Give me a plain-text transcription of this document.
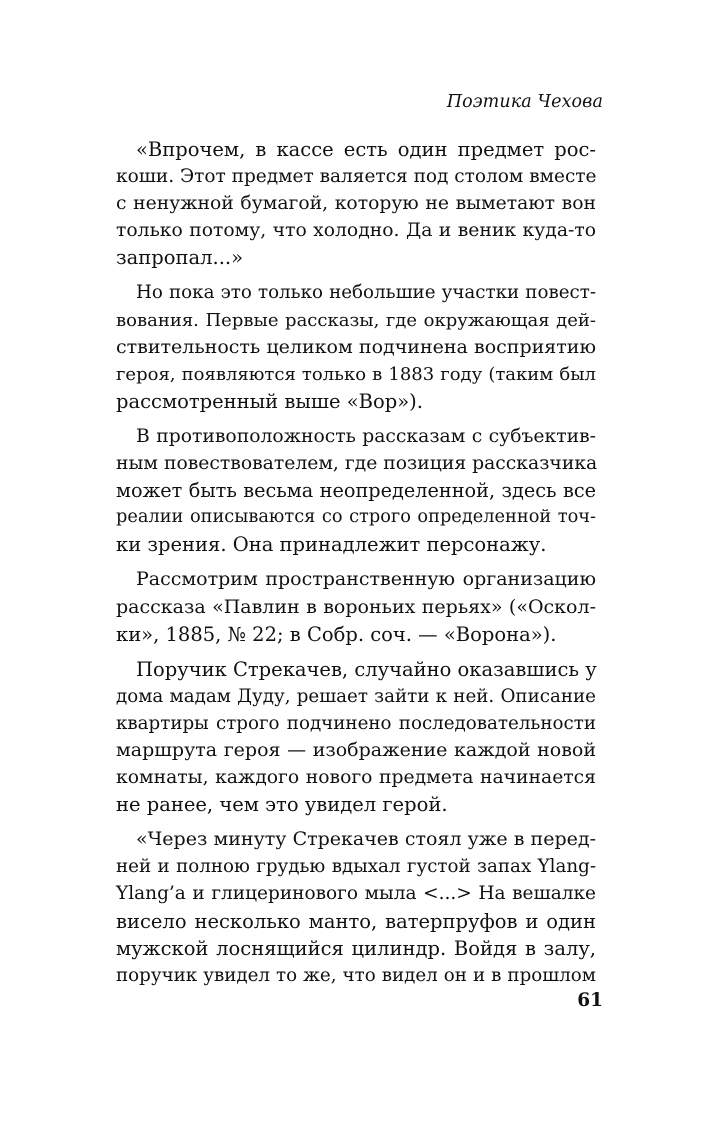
Поэтика Чехова
«Впрочем, в кассе есть один предмет рос-
коши. Этот предмет валяется под столом вместе
с ненужной бумагой, которую не выметают вон
только потому, что холодно. Да и веник куда-то
запропал...»
Но пока это только небольшие участки повест-
вования. Первые рассказы, где окружающая дей-
ствительность целиком подчинена восприятию
героя, появляются только в 1883 году (таким был
рассмотренный выше «Вор»).
В противоположность рассказам с субъектив-
ным повествователем, где позиция рассказчика
может быть весьма неопределенной, здесь все
реалии описываются со строго определенной точ-
ки зрения. Она принадлежит персонажу.
Рассмотрим пространственную организацию
рассказа «Павлин в вороньих перьях» («Оскол-
ки», 1885, № 22; в Собр. соч. — «Ворона»).
Поручик Стрекачев, случайно оказавшись у
дома мадам Дуду, решает зайти к ней. Описание
квартиры строго подчинено последовательности
маршрута героя — изображение каждой новой
комнаты, каждого нового предмета начинается
не ранее, чем это увидел герой.
«Через минуту Стрекачев стоял уже в перед-
ней и полною грудью вдыхал густой запах Ylang-
Ylang’а и глицеринового мыла <...> На вешалке
висело несколько манто, ватерпруфов и один
мужской лоснящийся цилиндр. Войдя в залу,
поручик увидел то же, что видел он и в прошлом
61
